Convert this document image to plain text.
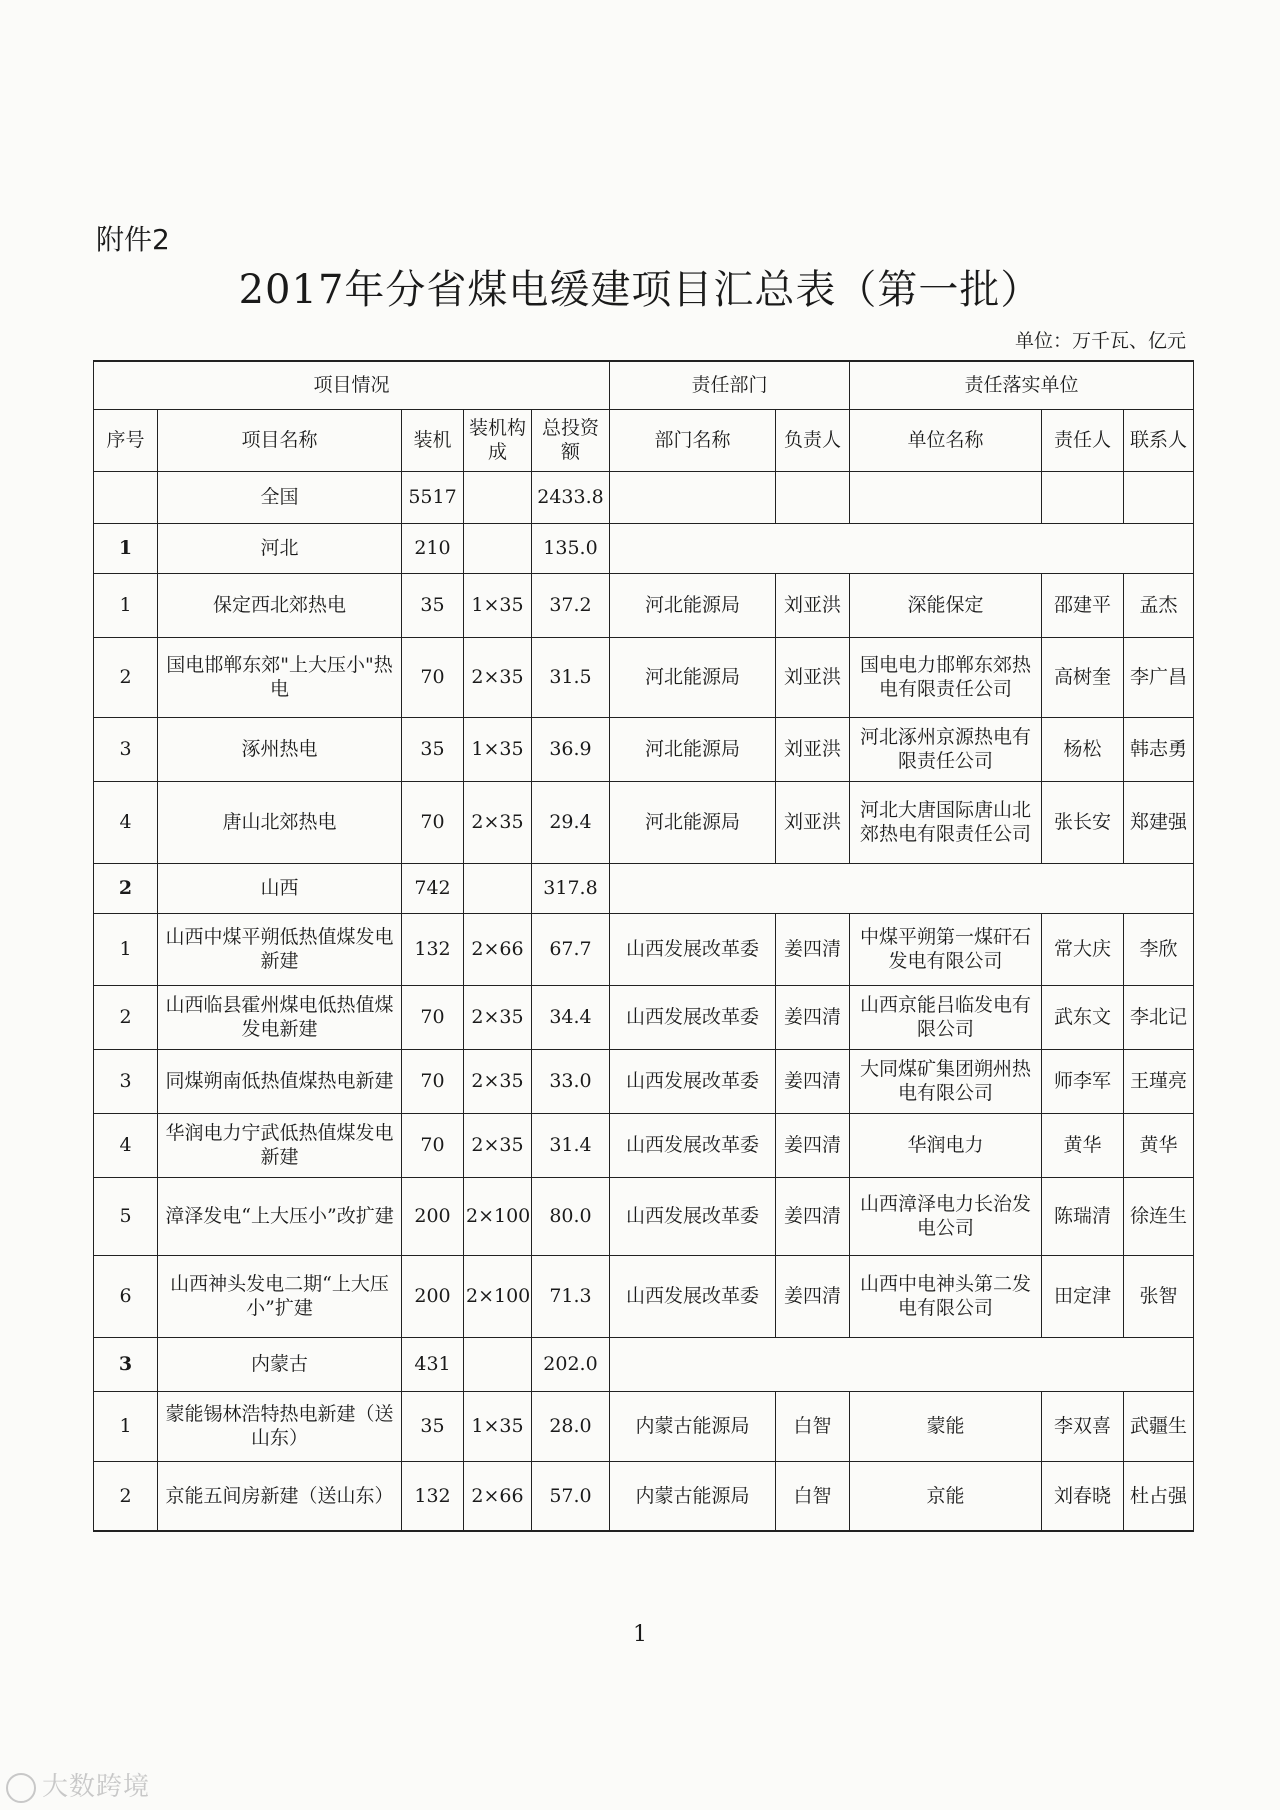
附件2
2017年分省煤电缓建项目汇总表（第一批）
单位：万千瓦、亿元
项目情况					责任部门		责任落实单位		
序号	项目名称	装机	装机构成	总投资额	部门名称	负责人	单位名称	责任人	联系人
	全国	5517		2433.8					
1	河北	210		135.0					
1	保定西北郊热电	35	1×35	37.2	河北能源局	刘亚洪	深能保定	邵建平	孟杰
2	国电邯郸东郊"上大压小"热电	70	2×35	31.5	河北能源局	刘亚洪	国电电力邯郸东郊热电有限责任公司	高树奎	李广昌
3	涿州热电	35	1×35	36.9	河北能源局	刘亚洪	河北涿州京源热电有限责任公司	杨松	韩志勇
4	唐山北郊热电	70	2×35	29.4	河北能源局	刘亚洪	河北大唐国际唐山北郊热电有限责任公司	张长安	郑建强
2	山西	742		317.8					
1	山西中煤平朔低热值煤发电新建	132	2×66	67.7	山西发展改革委	姜四清	中煤平朔第一煤矸石发电有限公司	常大庆	李欣
2	山西临县霍州煤电低热值煤发电新建	70	2×35	34.4	山西发展改革委	姜四清	山西京能吕临发电有限公司	武东文	李北记
3	同煤朔南低热值煤热电新建	70	2×35	33.0	山西发展改革委	姜四清	大同煤矿集团朔州热电有限公司	师李军	王瑾亮
4	华润电力宁武低热值煤发电新建	70	2×35	31.4	山西发展改革委	姜四清	华润电力	黄华	黄华
5	漳泽发电“上大压小”改扩建	200	2×100	80.0	山西发展改革委	姜四清	山西漳泽电力长治发电公司	陈瑞清	徐连生
6	山西神头发电二期“上大压小”扩建	200	2×100	71.3	山西发展改革委	姜四清	山西中电神头第二发电有限公司	田定津	张智
3	内蒙古	431		202.0					
1	蒙能锡林浩特热电新建（送山东）	35	1×35	28.0	内蒙古能源局	白智	蒙能	李双喜	武疆生
2	京能五间房新建（送山东）	132	2×66	57.0	内蒙古能源局	白智	京能	刘春晓	杜占强
1
大数跨境
